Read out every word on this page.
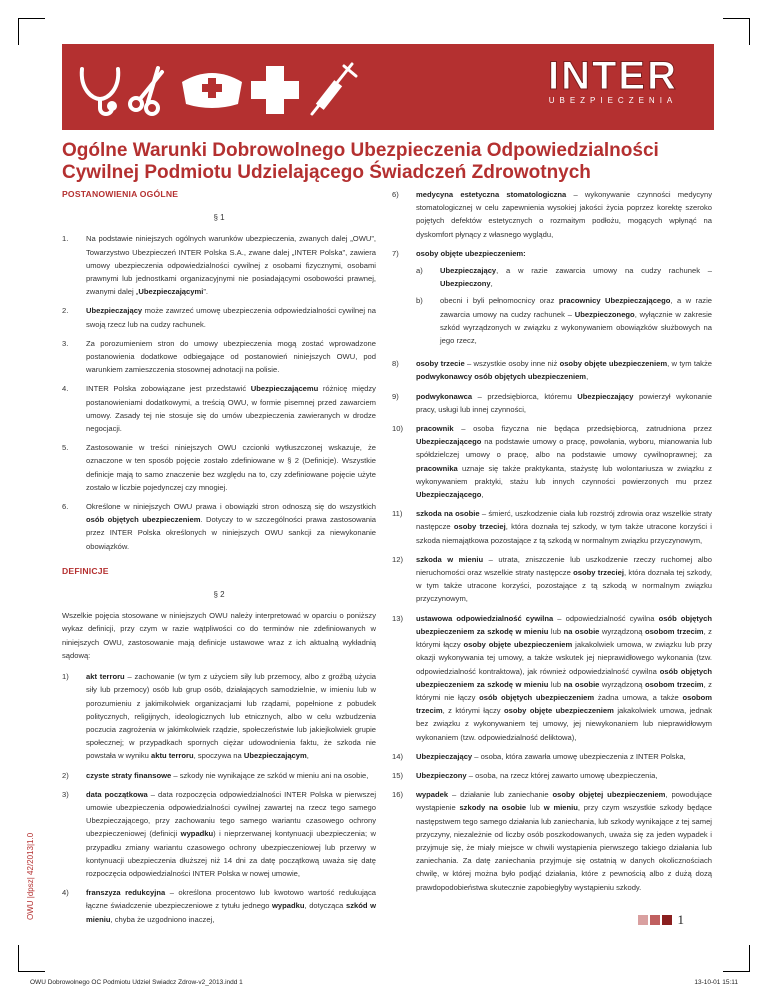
INTER
UBEZPIECZENIA
Ogólne Warunki Dobrowolnego Ubezpieczenia Odpowiedzialności Cywilnej Podmiotu Udzielającego Świadczeń Zdrowotnych
POSTANOWIENIA OGÓLNE
§ 1
1.	Na podstawie niniejszych ogólnych warunków ubezpieczenia, zwanych dalej „OWU”, Towarzystwo Ubezpieczeń INTER Polska S.A., zwane dalej „INTER Polska”, zawiera umowy ubezpieczenia odpowiedzialności cywilnej z osobami fizycznymi, osobami prawnymi lub jednostkami organizacyjnymi nie posiadającymi osobowości prawnej, zwanymi dalej „Ubezpieczającymi”.
2.	Ubezpieczający może zawrzeć umowę ubezpieczenia odpowiedzialności cywilnej na swoją rzecz lub na cudzy rachunek.
3.	Za porozumieniem stron do umowy ubezpieczenia mogą zostać wprowadzone postanowienia dodatkowe odbiegające od postanowień niniejszych OWU, pod warunkiem zamieszczenia stosownej adnotacji na polisie.
4.	INTER Polska zobowiązane jest przedstawić Ubezpieczającemu różnicę między postanowieniami dodatkowymi, a treścią OWU, w formie pisemnej przed zawarciem umowy. Zasady tej nie stosuje się do umów ubezpieczenia zawieranych w drodze negocjacji.
5.	Zastosowanie w treści niniejszych OWU czcionki wytłuszczonej wskazuje, że oznaczone w ten sposób pojęcie zostało zdefiniowane w § 2 (Definicje). Wszystkie definicje mają to samo znaczenie bez względu na to, czy zdefiniowane pojęcie użyte zostało w liczbie pojedynczej czy mnogiej.
6.	Określone w niniejszych OWU prawa i obowiązki stron odnoszą się do wszystkich osób objętych ubezpieczeniem. Dotyczy to w szczególności prawa zastosowania przez INTER Polska określonych w niniejszych OWU sankcji za niewykonanie obowiązków.
DEFINICJE
§ 2
Wszelkie pojęcia stosowane w niniejszych OWU należy interpretować w oparciu o poniższy wykaz definicji, przy czym w razie wątpliwości co do terminów nie zdefiniowanych w niniejszych OWU, zastosowanie mają definicje ustawowe wraz z ich aktualną wykładnią sądową:
1)	akt terroru – zachowanie (w tym z użyciem siły lub przemocy, albo z groźbą użycia siły lub przemocy) osób lub grup osób, działających samodzielnie, w imieniu lub w porozumieniu z jakimikolwiek organizacjami lub rządami, popełnione z pobudek politycznych, religijnych, ideologicznych lub etnicznych, albo w celu wzbudzenia poczucia zagrożenia w jakimkolwiek rządzie, społeczeństwie lub jakiejkolwiek grupie społecznej; w przypadkach spornych ciężar udowodnienia faktu, że szkoda nie powstała w wyniku aktu terroru, spoczywa na Ubezpieczającym,
2)	czyste straty finansowe – szkody nie wynikające ze szkód w mieniu ani na osobie,
3)	data początkowa – data rozpoczęcia odpowiedzialności INTER Polska w pierwszej umowie ubezpieczenia odpowiedzialności cywilnej zawartej na rzecz tego samego Ubezpieczającego, przy zachowaniu tego samego wariantu czasowego ochrony ubezpieczeniowej (definicji wypadku) i nieprzerwanej kontynuacji ubezpieczenia; w przypadku zmiany wariantu czasowego ochrony ubezpieczeniowej lub przerwy w kontynuacji ubezpieczenia dłuższej niż 14 dni za datę początkową uważa się datę rozpoczęcia odpowiedzialności INTER Polska w nowej umowie,
4)	franszyza redukcyjna – określona procentowo lub kwotowo wartość redukująca łączne świadczenie ubezpieczeniowe z tytułu jednego wypadku, dotycząca szkód w mieniu, chyba że uzgodniono inaczej,
6)	medycyna estetyczna stomatologiczna – wykonywanie czynności medycyny stomatologicznej w celu zapewnienia wysokiej jakości życia poprzez korektę szeroko pojętych defektów estetycznych o rozmaitym podłożu, mogących wpłynąć na dyskomfort płynący z własnego wyglądu,
7)	osoby objęte ubezpieczeniem:
a)	Ubezpieczający, a w razie zawarcia umowy na cudzy rachunek – Ubezpieczony,
b)	obecni i byli pełnomocnicy oraz pracownicy Ubezpieczającego, a w razie zawarcia umowy na cudzy rachunek – Ubezpieczonego, wyłącznie w zakresie szkód wyrządzonych w związku z wykonywaniem obowiązków służbowych na jego rzecz,
8)	osoby trzecie – wszystkie osoby inne niż osoby objęte ubezpieczeniem, w tym także podwykonawcy osób objętych ubezpieczeniem,
9)	podwykonawca – przedsiębiorca, któremu Ubezpieczający powierzył wykonanie pracy, usługi lub innej czynności,
10)	pracownik – osoba fizyczna nie będąca przedsiębiorcą, zatrudniona przez Ubezpieczającego na podstawie umowy o pracę, powołania, wyboru, mianowania lub spółdzielczej umowy o pracę, albo na podstawie umowy cywilnoprawnej; za pracownika uznaje się także praktykanta, stażystę lub wolontariusza w związku z wykonywaniem praktyki, stażu lub innych czynności powierzonych mu przez Ubezpieczającego,
11)	szkoda na osobie – śmierć, uszkodzenie ciała lub rozstrój zdrowia oraz wszelkie straty następcze osoby trzeciej, która doznała tej szkody, w tym także utracone korzyści i szkoda niemajątkowa pozostające z tą szkodą w normalnym związku przyczynowym,
12)	szkoda w mieniu – utrata, zniszczenie lub uszkodzenie rzeczy ruchomej albo nieruchomości oraz wszelkie straty następcze osoby trzeciej, która doznała tej szkody, w tym także utracone korzyści, pozostające z tą szkodą w normalnym związku przyczynowym,
13)	ustawowa odpowiedzialność cywilna – odpowiedzialność cywilna osób objętych ubezpieczeniem za szkodę w mieniu lub na osobie wyrządzoną osobom trzecim, z którymi łączy osoby objęte ubezpieczeniem jakakolwiek umowa, w związku lub przy okazji wykonywania tej umowy, a także wskutek jej nieprawidłowego wykonania (tzw. odpowiedzialność kontraktowa), jak również odpowiedzialność cywilna osób objętych ubezpieczeniem za szkodę w mieniu lub na osobie wyrządzoną osobom trzecim, z którymi nie łączy osób objętych ubezpieczeniem żadna umowa, a także osobom trzecim, z którymi łączy osoby objęte ubezpieczeniem jakakolwiek umowa, jednak bez związku z wykonywaniem tej umowy, jej niewykonaniem lub nieprawidłowym wykonaniem (tzw. odpowiedzialność deliktowa),
14)	Ubezpieczający – osoba, która zawarła umowę ubezpieczenia z INTER Polska,
15)	Ubezpieczony – osoba, na rzecz której zawarto umowę ubezpieczenia,
16)	wypadek – działanie lub zaniechanie osoby objętej ubezpieczeniem, powodujące wystąpienie szkody na osobie lub w mieniu, przy czym wszystkie szkody będące następstwem tego samego działania lub zaniechania, lub szkody wynikające z tej samej przyczyny, niezależnie od liczby osób poszkodowanych, uważa się za jeden wypadek i przyjmuje się, że miały miejsce w chwili wystąpienia pierwszego takiego działania lub zaniechania. Za datę zaniechania przyjmuje się ostatnią w danych okolicznościach chwilę, w której można było podjąć działania, które z pewnością albo z dużą dozą prawdopodobieństwa skutecznie zapobiegłyby wystąpieniu szkody.
OWU |dpsz| 42/2013|1.0	1
OWU Dobrowolnego OC Podmiotu Udziel Swiadcz Zdrow-v2_2013.indd 1	13-10-01 15:11
